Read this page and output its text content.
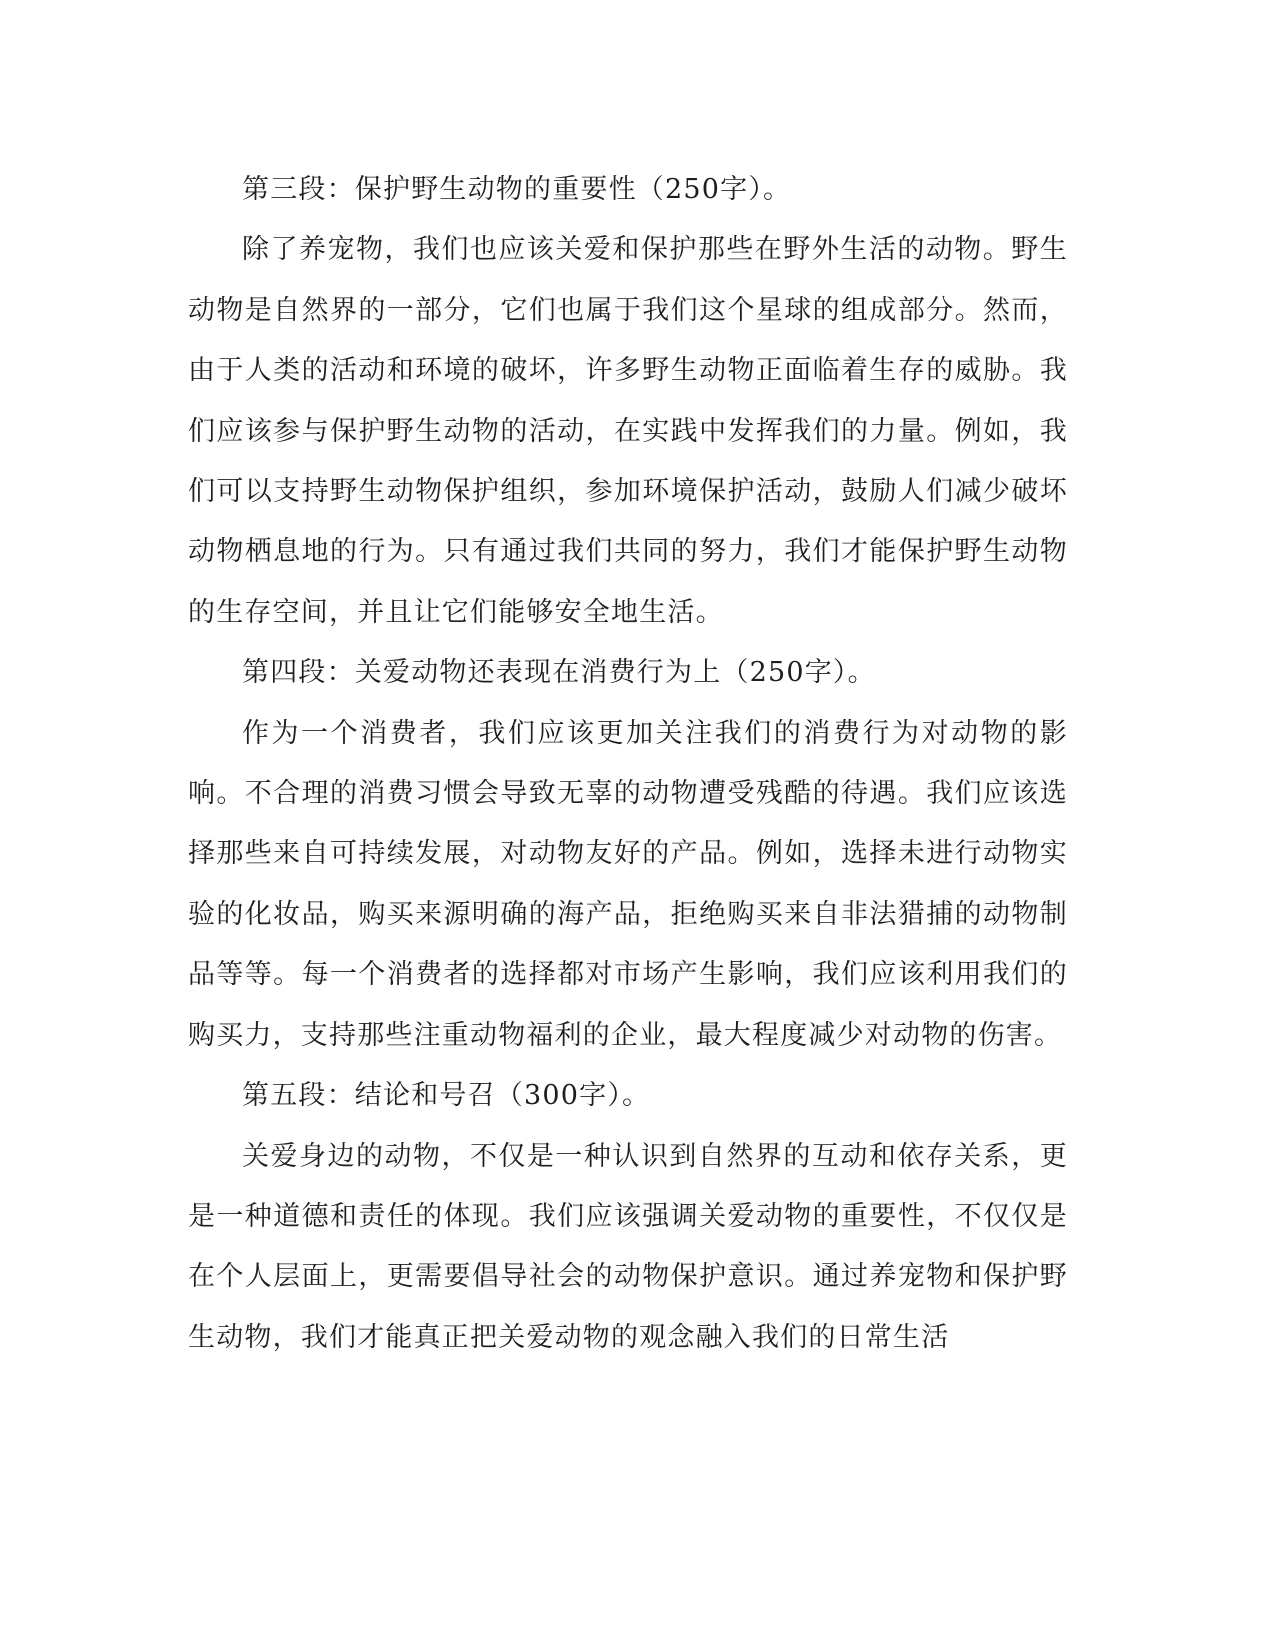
第三段：保护野生动物的重要性（250字）。

除了养宠物，我们也应该关爱和保护那些在野外生活的动物。野生动物是自然界的一部分，它们也属于我们这个星球的组成部分。然而，由于人类的活动和环境的破坏，许多野生动物正面临着生存的威胁。我们应该参与保护野生动物的活动，在实践中发挥我们的力量。例如，我们可以支持野生动物保护组织，参加环境保护活动，鼓励人们减少破坏动物栖息地的行为。只有通过我们共同的努力，我们才能保护野生动物的生存空间，并且让它们能够安全地生活。

第四段：关爱动物还表现在消费行为上（250字）。

作为一个消费者，我们应该更加关注我们的消费行为对动物的影响。不合理的消费习惯会导致无辜的动物遭受残酷的待遇。我们应该选择那些来自可持续发展，对动物友好的产品。例如，选择未进行动物实验的化妆品，购买来源明确的海产品，拒绝购买来自非法猎捕的动物制品等等。每一个消费者的选择都对市场产生影响，我们应该利用我们的购买力，支持那些注重动物福利的企业，最大程度减少对动物的伤害。

第五段：结论和号召（300字）。

关爱身边的动物，不仅是一种认识到自然界的互动和依存关系，更是一种道德和责任的体现。我们应该强调关爱动物的重要性，不仅仅是在个人层面上，更需要倡导社会的动物保护意识。通过养宠物和保护野生动物，我们才能真正把关爱动物的观念融入我们的日常生活
